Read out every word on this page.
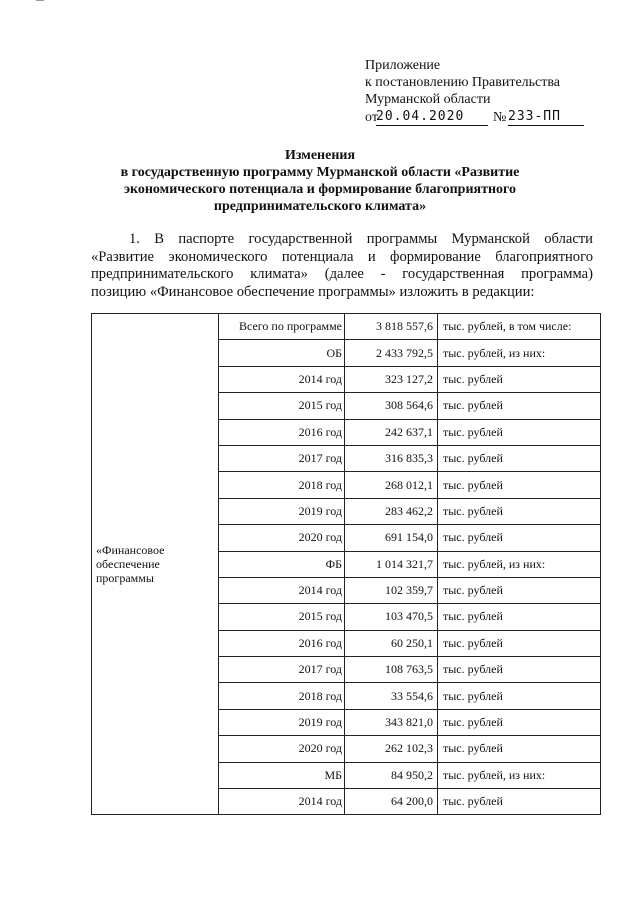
Приложение
к постановлению Правительства
Мурманской области
от
20.04.2020	№ 233-ПП
Изменения
в государственную программу Мурманской области «Развитие
экономического потенциала и формирование благоприятного
предпринимательского климата»
1. В паспорте государственной программы Мурманской области
«Развитие экономического потенциала и формирование благоприятного
предпринимательского климата» (далее - государственная программа)
позицию «Финансовое обеспечение программы» изложить в редакции:
«Финансовое обеспечение программы	Всего по программе	3 818 557,6	тыс. рублей, в том числе:
	ОБ	2 433 792,5	тыс. рублей, из них:
	2014 год	323 127,2	тыс. рублей
	2015 год	308 564,6	тыс. рублей
	2016 год	242 637,1	тыс. рублей
	2017 год	316 835,3	тыс. рублей
	2018 год	268 012,1	тыс. рублей
	2019 год	283 462,2	тыс. рублей
	2020 год	691 154,0	тыс. рублей
	ФБ	1 014 321,7	тыс. рублей, из них:
	2014 год	102 359,7	тыс. рублей
	2015 год	103 470,5	тыс. рублей
	2016 год	60 250,1	тыс. рублей
	2017 год	108 763,5	тыс. рублей
	2018 год	33 554,6	тыс. рублей
	2019 год	343 821,0	тыс. рублей
	2020 год	262 102,3	тыс. рублей
	МБ	84 950,2	тыс. рублей, из них:
	2014 год	64 200,0	тыс. рублей
